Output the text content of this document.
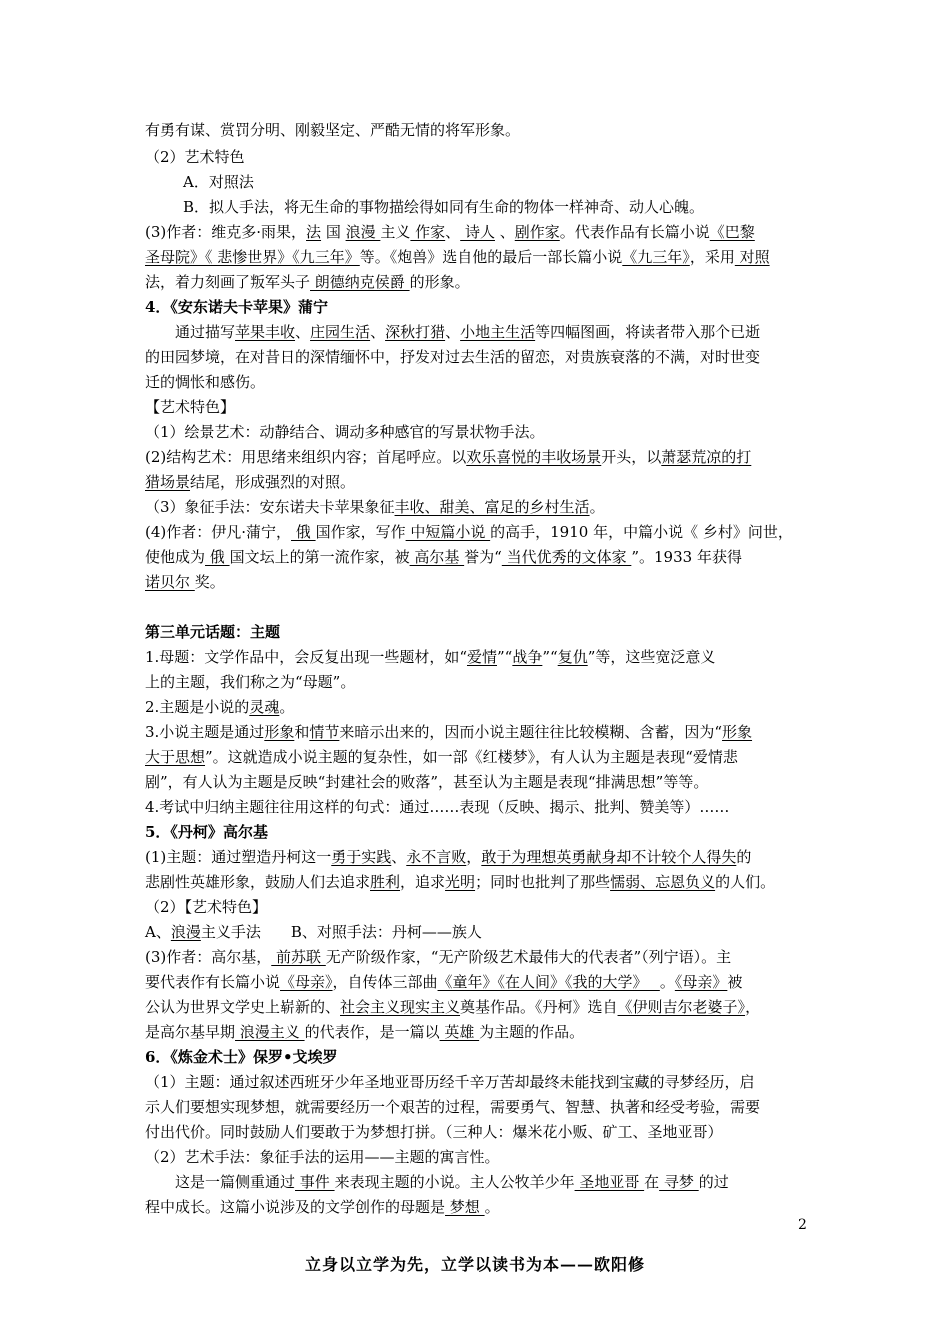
有勇有谋、赏罚分明、刚毅坚定、严酷无情的将军形象。
（2）艺术特色
A．对照法
B．拟人手法，将无生命的事物描绘得如同有生命的物体一样神奇、动人心魄。
(3)作者：维克多·雨果，法 国 浪漫 主义 作家、 诗人 、剧作家。代表作品有长篇小说《巴黎
圣母院》《 悲惨世界》《九三年》等。《炮兽》选自他的最后一部长篇小说《九三年》，采用 对照
法，着力刻画了叛军头子 朗德纳克侯爵 的形象。
4．《安东诺夫卡苹果》蒲宁
通过描写苹果丰收、庄园生活、深秋打猎、小地主生活等四幅图画，将读者带入那个已逝
的田园梦境，在对昔日的深情缅怀中，抒发对过去生活的留恋，对贵族衰落的不满，对时世变
迁的惆怅和感伤。
【艺术特色】
（1）绘景艺术：动静结合、调动多种感官的写景状物手法。
(2)结构艺术：用思绪来组织内容；首尾呼应。以欢乐喜悦的丰收场景开头，以萧瑟荒凉的打
猎场景结尾，形成强烈的对照。
（3）象征手法：安东诺夫卡苹果象征丰收、甜美、富足的乡村生活。
(4)作者：伊凡·蒲宁， 俄 国作家，写作 中短篇小说 的高手，1910 年，中篇小说《 乡村》问世，
使他成为 俄 国文坛上的第一流作家，被 高尔基 誉为“ 当代优秀的文体家 ”。1933 年获得
诺贝尔 奖。
第三单元话题：主题
1.母题：文学作品中，会反复出现一些题材，如“爱情”“战争”“复仇”等，这些宽泛意义
上的主题，我们称之为“母题”。
2.主题是小说的灵魂。
3.小说主题是通过形象和情节来暗示出来的，因而小说主题往往比较模糊、含蓄，因为“形象
大于思想”。这就造成小说主题的复杂性，如一部《红楼梦》，有人认为主题是表现“爱情悲
剧”，有人认为主题是反映“封建社会的败落”，甚至认为主题是表现“排满思想”等等。
4.考试中归纳主题往往用这样的句式：通过……表现（反映、揭示、批判、赞美等）……
5．《丹柯》高尔基
(1)主题：通过塑造丹柯这一勇于实践、永不言败，敢于为理想英勇献身却不计较个人得失的
悲剧性英雄形象，鼓励人们去追求胜利，追求光明；同时也批判了那些懦弱、忘恩负义的人们。
（2）【艺术特色】
A、浪漫主义手法　　B、对照手法：丹柯——族人
(3)作者：高尔基， 前苏联 无产阶级作家，“无产阶级艺术最伟大的代表者”（列宁语）。主
要代表作有长篇小说《母亲》，自传体三部曲《童年》《在人间》《我的大学》　 。《母亲》被
公认为世界文学史上崭新的、社会主义现实主义奠基作品。《丹柯》选自《伊则吉尔老婆子》，
是高尔基早期 浪漫主义 的代表作，是一篇以 英雄 为主题的作品。
6．《炼金术士》保罗•戈埃罗
（1）主题：通过叙述西班牙少年圣地亚哥历经千辛万苦却最终未能找到宝藏的寻梦经历，启
示人们要想实现梦想，就需要经历一个艰苦的过程，需要勇气、智慧、执著和经受考验，需要
付出代价。同时鼓励人们要敢于为梦想打拼。（三种人：爆米花小贩、矿工、圣地亚哥）
（2）艺术手法：象征手法的运用——主题的寓言性。
这是一篇侧重通过 事件 来表现主题的小说。主人公牧羊少年 圣地亚哥 在 寻梦 的过
程中成长。这篇小说涉及的文学创作的母题是 梦想 。
2
立身以立学为先，立学以读书为本——欧阳修
